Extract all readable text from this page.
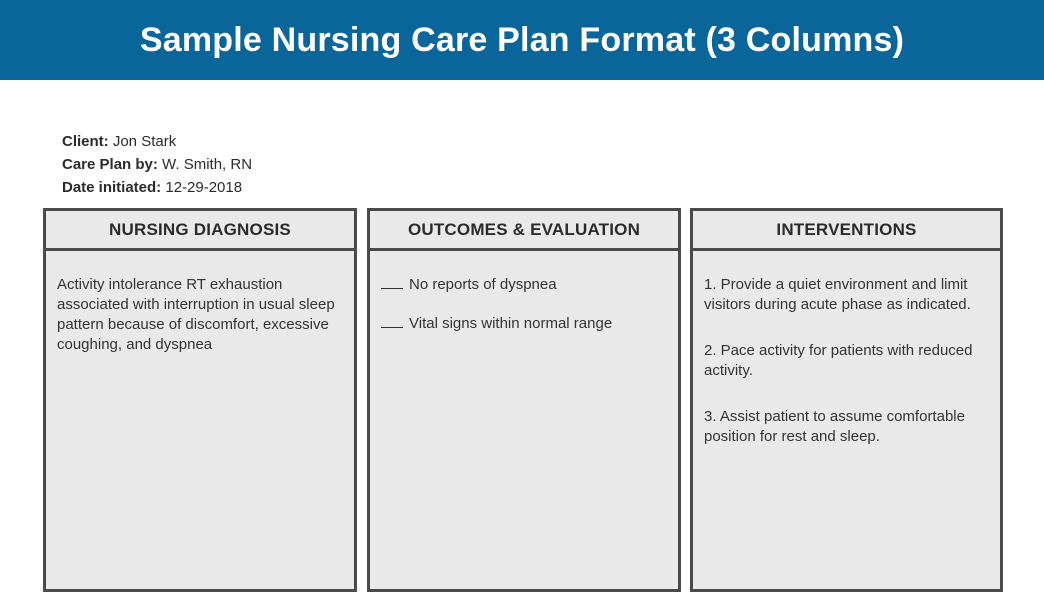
Sample Nursing Care Plan Format (3 Columns)
Client: Jon Stark
Care Plan by: W. Smith, RN
Date initiated: 12-29-2018
NURSING DIAGNOSIS
Activity intolerance RT exhaustion associated with interruption in usual sleep pattern because of discomfort, excessive coughing, and dyspnea
OUTCOMES & EVALUATION
No reports of dyspnea
Vital signs within normal range
INTERVENTIONS
1. Provide a quiet environment and limit visitors during acute phase as indicated.
2. Pace activity for patients with reduced activity.
3. Assist patient to assume comfortable position for rest and sleep.
